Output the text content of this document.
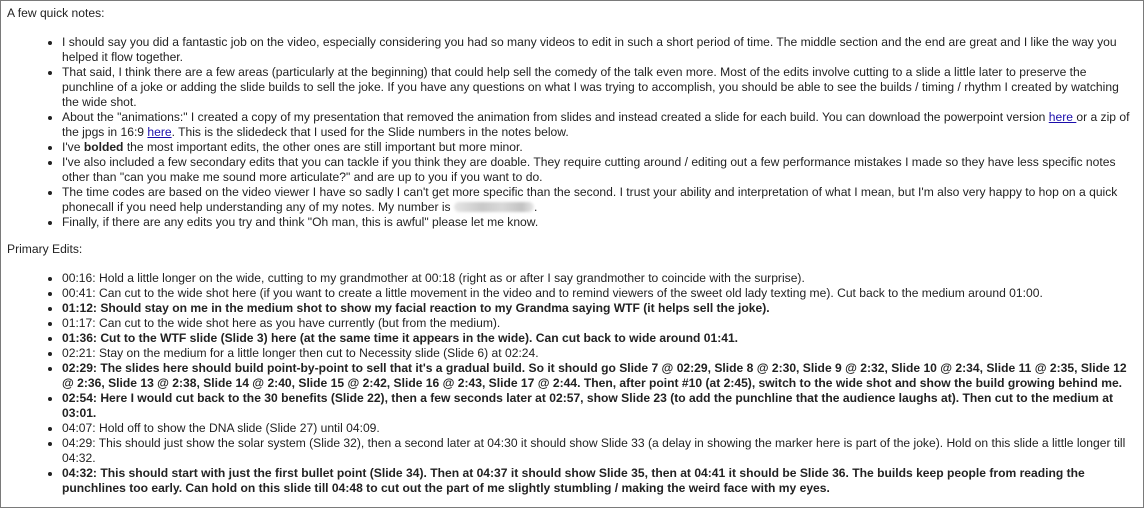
A few quick notes:
• I should say you did a fantastic job on the video, especially considering you had so many videos to edit in such a short period of time. The middle section and the end are great and I like the way you helped it flow together.
• That said, I think there are a few areas (particularly at the beginning) that could help sell the comedy of the talk even more. Most of the edits involve cutting to a slide a little later to preserve the punchline of a joke or adding the slide builds to sell the joke. If you have any questions on what I was trying to accomplish, you should be able to see the builds / timing / rhythm I created by watching the wide shot.
• About the "animations:" I created a copy of my presentation that removed the animation from slides and instead created a slide for each build. You can download the powerpoint version here or a zip of the jpgs in 16:9 here. This is the slidedeck that I used for the Slide numbers in the notes below.
• I've bolded the most important edits, the other ones are still important but more minor.
• I've also included a few secondary edits that you can tackle if you think they are doable. They require cutting around / editing out a few performance mistakes I made so they have less specific notes other than "can you make me sound more articulate?" and are up to you if you want to do.
• The time codes are based on the video viewer I have so sadly I can't get more specific than the second. I trust your ability and interpretation of what I mean, but I'm also very happy to hop on a quick phonecall if you need help understanding any of my notes. My number is	.
• Finally, if there are any edits you try and think "Oh man, this is awful" please let me know.
Primary Edits:
• 00:16: Hold a little longer on the wide, cutting to my grandmother at 00:18 (right as or after I say grandmother to coincide with the surprise).
• 00:41: Can cut to the wide shot here (if you want to create a little movement in the video and to remind viewers of the sweet old lady texting me). Cut back to the medium around 01:00.
• 01:12: Should stay on me in the medium shot to show my facial reaction to my Grandma saying WTF (it helps sell the joke).
• 01:17: Can cut to the wide shot here as you have currently (but from the medium).
• 01:36: Cut to the WTF slide (Slide 3) here (at the same time it appears in the wide). Can cut back to wide around 01:41.
• 02:21: Stay on the medium for a little longer then cut to Necessity slide (Slide 6) at 02:24.
• 02:29: The slides here should build point-by-point to sell that it's a gradual build. So it should go Slide 7 @ 02:29, Slide 8 @ 2:30, Slide 9 @ 2:32, Slide 10 @ 2:34, Slide 11 @ 2:35, Slide 12 @ 2:36, Slide 13 @ 2:38, Slide 14 @ 2:40, Slide 15 @ 2:42, Slide 16 @ 2:43, Slide 17 @ 2:44. Then, after point #10 (at 2:45), switch to the wide shot and show the build growing behind me.
• 02:54: Here I would cut back to the 30 benefits (Slide 22), then a few seconds later at 02:57, show Slide 23 (to add the punchline that the audience laughs at). Then cut to the medium at 03:01.
• 04:07: Hold off to show the DNA slide (Slide 27) until 04:09.
• 04:29: This should just show the solar system (Slide 32), then a second later at 04:30 it should show Slide 33 (a delay in showing the marker here is part of the joke). Hold on this slide a little longer till 04:32.
• 04:32: This should start with just the first bullet point (Slide 34). Then at 04:37 it should show Slide 35, then at 04:41 it should be Slide 36. The builds keep people from reading the punchlines too early. Can hold on this slide till 04:48 to cut out the part of me slightly stumbling / making the weird face with my eyes.
